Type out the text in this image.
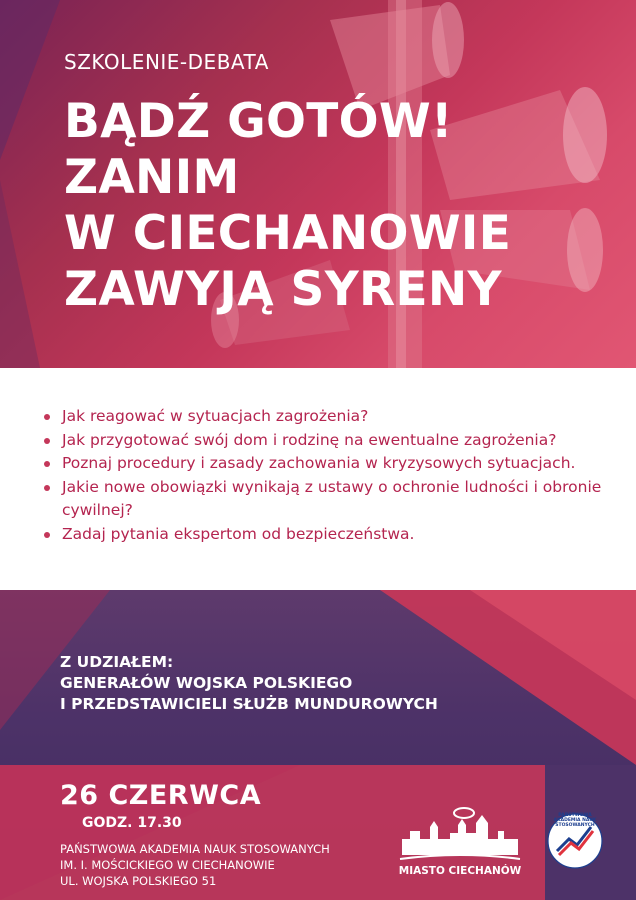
SZKOLENIE-DEBATA

BĄDŹ GOTÓW!
ZANIM
W CIECHANOWIE
ZAWYJĄ SYRENY
Jak reagować w sytuacjach zagrożenia?
Jak przygotować swój dom i rodzinę na ewentualne zagrożenia?
Poznaj procedury i zasady zachowania w kryzysowych sytuacjach.
Jakie nowe obowiązki wynikają z ustawy o ochronie ludności i obronie cywilnej?
Zadaj pytania ekspertom od bezpieczeństwa.

Z UDZIAŁEM:
GENERAŁÓW WOJSKA POLSKIEGO
I PRZEDSTAWICIELI SŁUŻB MUNDUROWYCH

26 CZERWCA

GODZ. 17.30

PAŃSTWOWA AKADEMIA NAUK STOSOWANYCH
IM. I. MOŚCICKIEGO W CIECHANOWIE
UL. WOJSKA POLSKIEGO 51

MIASTO CIECHANÓW
PAŃSTWOWA AKADEMIA NAUK STOSOWANYCH
